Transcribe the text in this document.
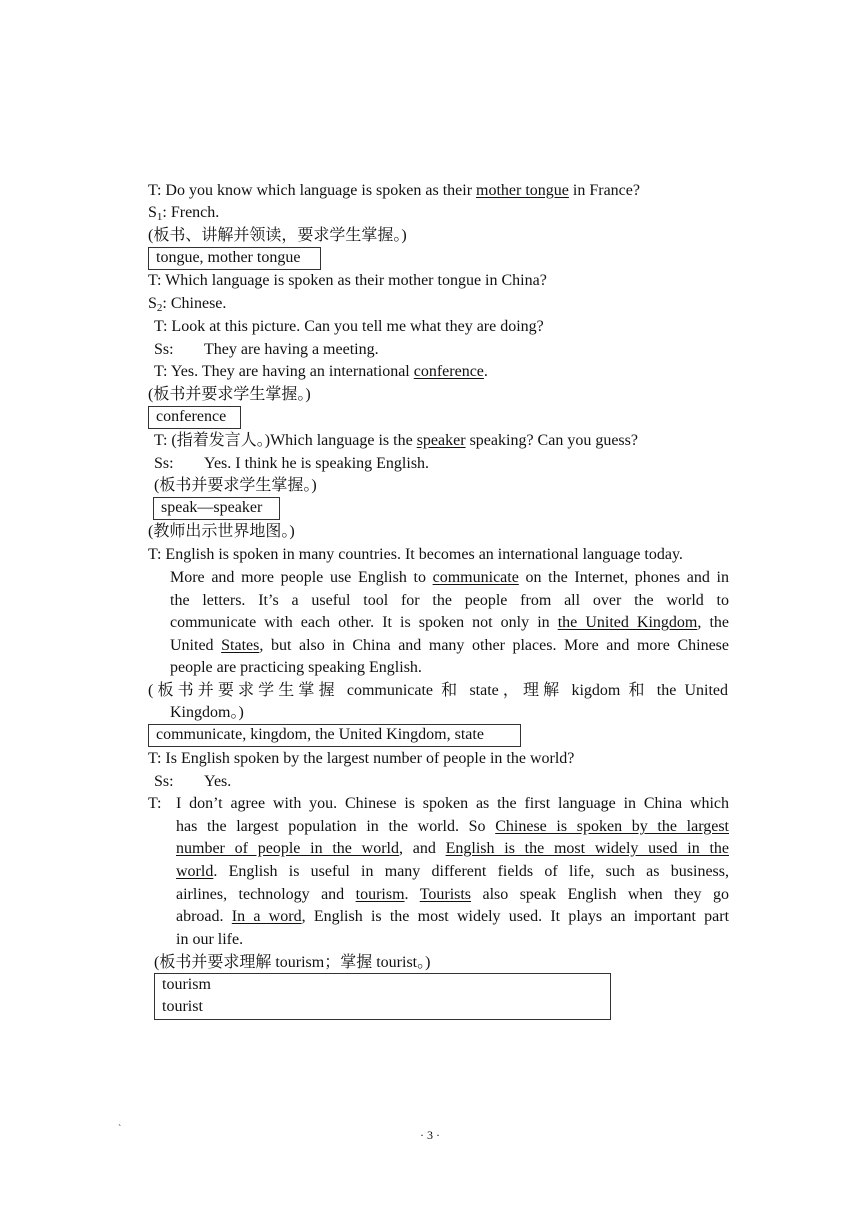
T: Do you know which language is spoken as their mother tongue in France?
$S_1$: French.
(板书、讲解并领读，要求学生掌握。)
tongue, mother tongue
T: Which language is spoken as their mother tongue in China?
$S_2$: Chinese.
T: Look at this picture. Can you tell me what they are doing?
Ss: They are having a meeting.
T: Yes. They are having an international conference.
(板书并要求学生掌握。)
conference
T: (指着发言人。)Which language is the speaker speaking? Can you guess?
Ss: Yes. I think he is speaking English.
(板书并要求学生掌握。)
speak—speaker
(教师出示世界地图。)
T: English is spoken in many countries. It becomes an international language today.
More and more people use English to communicate on the Internet, phones and in
the letters. It’s a useful tool for the people from all over the world to
communicate with each other. It is spoken not only in the United Kingdom, the
United States, but also in China and many other places. More and more Chinese
people are practicing speaking English.
(板书并要求学生掌握 communicate 和 state，理解 kigdom 和 the United
Kingdom。)
communicate, kingdom, the United Kingdom, state
T: Is English spoken by the largest number of people in the world?
Ss: Yes.
T: I don’t agree with you. Chinese is spoken as the first language in China which
has the largest population in the world. So Chinese is spoken by the largest
number of people in the world, and English is the most widely used in the
world. English is useful in many different fields of life, such as business,
airlines, technology and tourism. Tourists also speak English when they go
abroad. In a word, English is the most widely used. It plays an important part
in our life.
(板书并要求理解 tourism；掌握 tourist。)
tourism
tourist
`	· 3 ·
